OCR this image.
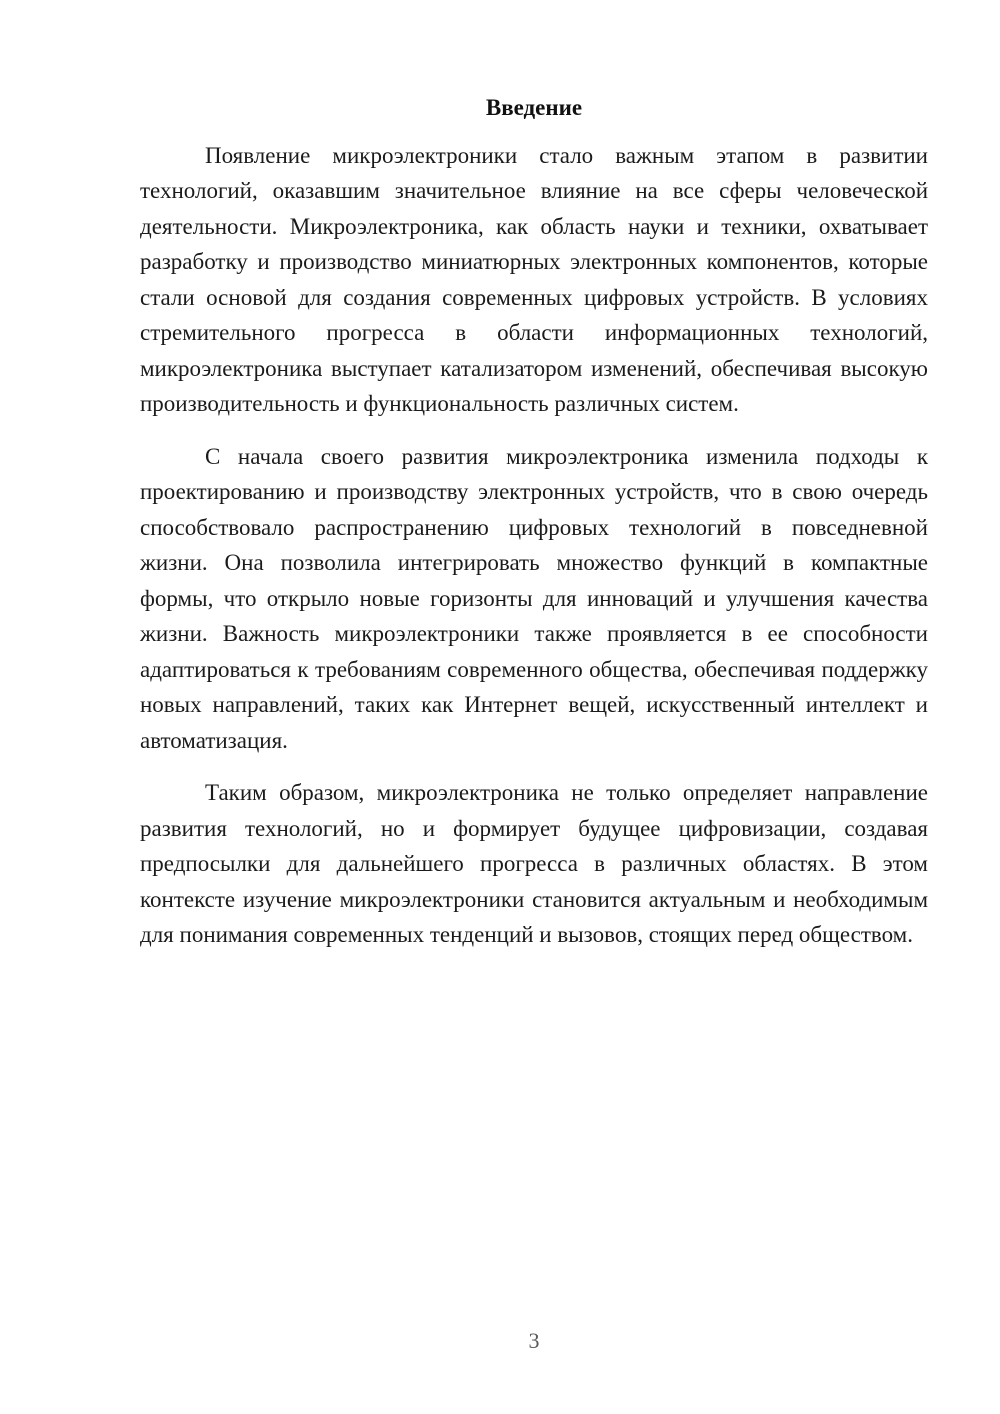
Введение

Появление микроэлектроники стало важным этапом в развитии технологий, оказавшим значительное влияние на все сферы человеческой деятельности. Микроэлектроника, как область науки и техники, охватывает разработку и производство миниатюрных электронных компонентов, которые стали основой для создания современных цифровых устройств. В условиях стремительного прогресса в области информационных технологий, микроэлектроника выступает катализатором изменений, обеспечивая высокую производительность и функциональность различных систем.

С начала своего развития микроэлектроника изменила подходы к проектированию и производству электронных устройств, что в свою очередь способствовало распространению цифровых технологий в повседневной жизни. Она позволила интегрировать множество функций в компактные формы, что открыло новые горизонты для инноваций и улучшения качества жизни. Важность микроэлектроники также проявляется в ее способности адаптироваться к требованиям современного общества, обеспечивая поддержку новых направлений, таких как Интернет вещей, искусственный интеллект и автоматизация.

Таким образом, микроэлектроника не только определяет направление развития технологий, но и формирует будущее цифровизации, создавая предпосылки для дальнейшего прогресса в различных областях. В этом контексте изучение микроэлектроники становится актуальным и необходимым для понимания современных тенденций и вызовов, стоящих перед обществом.

3
